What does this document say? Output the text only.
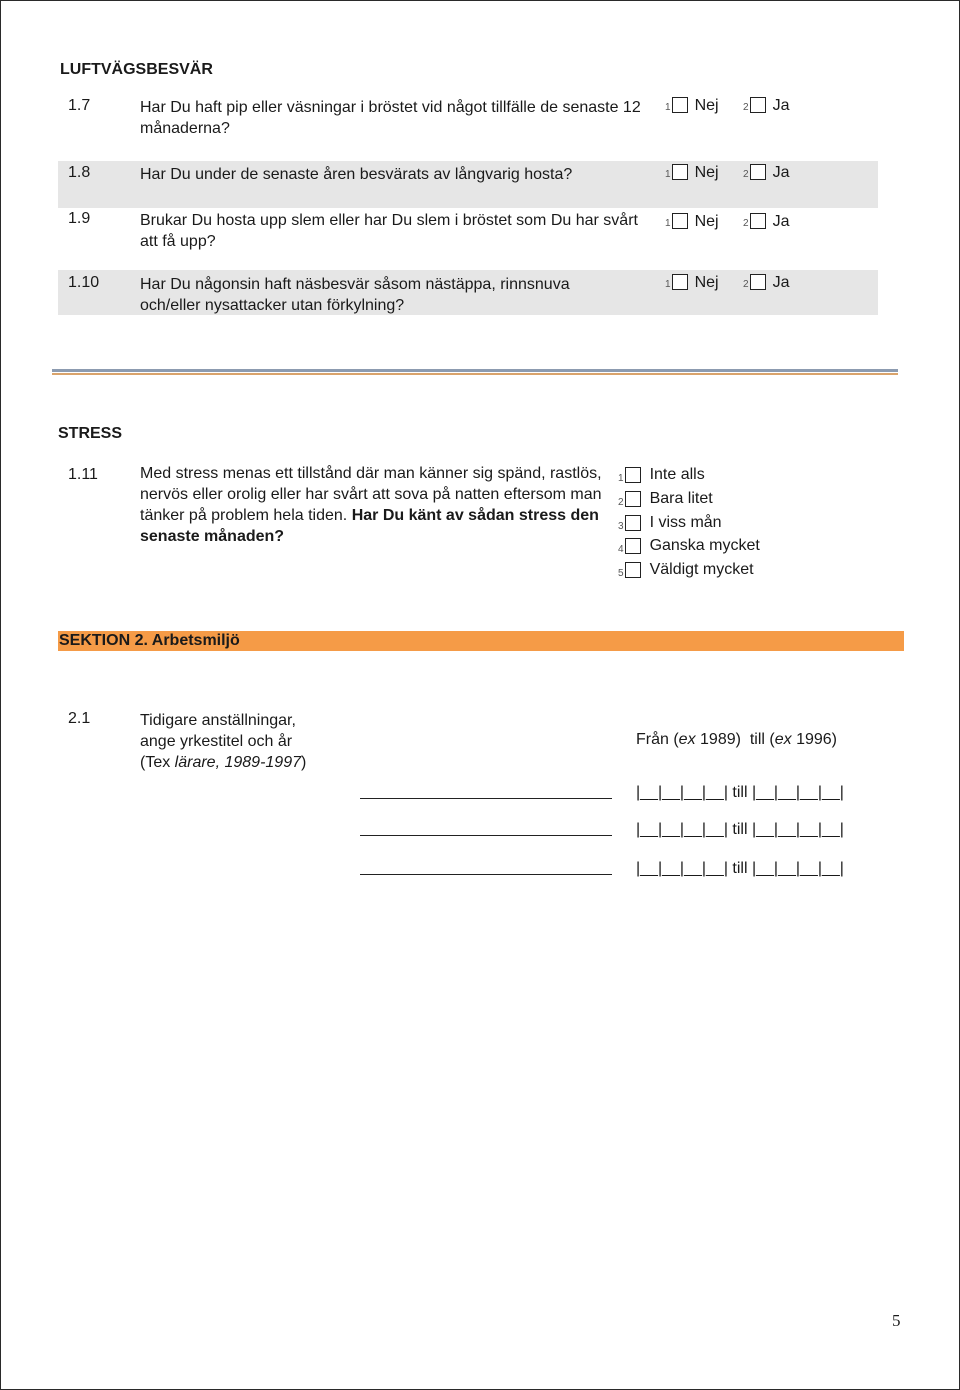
LUFTVÄGSBESVÄR
1.7	Har Du haft pip eller väsningar i bröstet vid något tillfälle de senaste 12 månaderna?
1 Nej 2 Ja
1.8	Har Du under de senaste åren besvärats av långvarig hosta?	1 Nej 2 Ja
1.9	Brukar Du hosta upp slem eller har Du slem i bröstet som Du har svårt att få upp?
1 Nej 2 Ja
1.10	Har Du någonsin haft näsbesvär såsom nästäppa, rinnsnuva och/eller nysattacker utan förkylning?
1 Nej 2 Ja
STRESS
1.11	Med stress menas ett tillstånd där man känner sig spänd, rastlös, nervös eller orolig eller har svårt att sova på natten eftersom man tänker på problem hela tiden. Har Du känt av sådan stress den senaste månaden?
1 Inte alls
2 Bara litet
3 I viss mån
4 Ganska mycket
5 Väldigt mycket
SEKTION 2. Arbetsmiljö
2.1	Tidigare anställningar,
ange yrkestitel och år
(Tex lärare, 1989-1997)
Från (ex 1989)  till (ex 1996)
|__|__|__|__| till |__|__|__|__|
|__|__|__|__| till |__|__|__|__|
|__|__|__|__| till |__|__|__|__|
5
